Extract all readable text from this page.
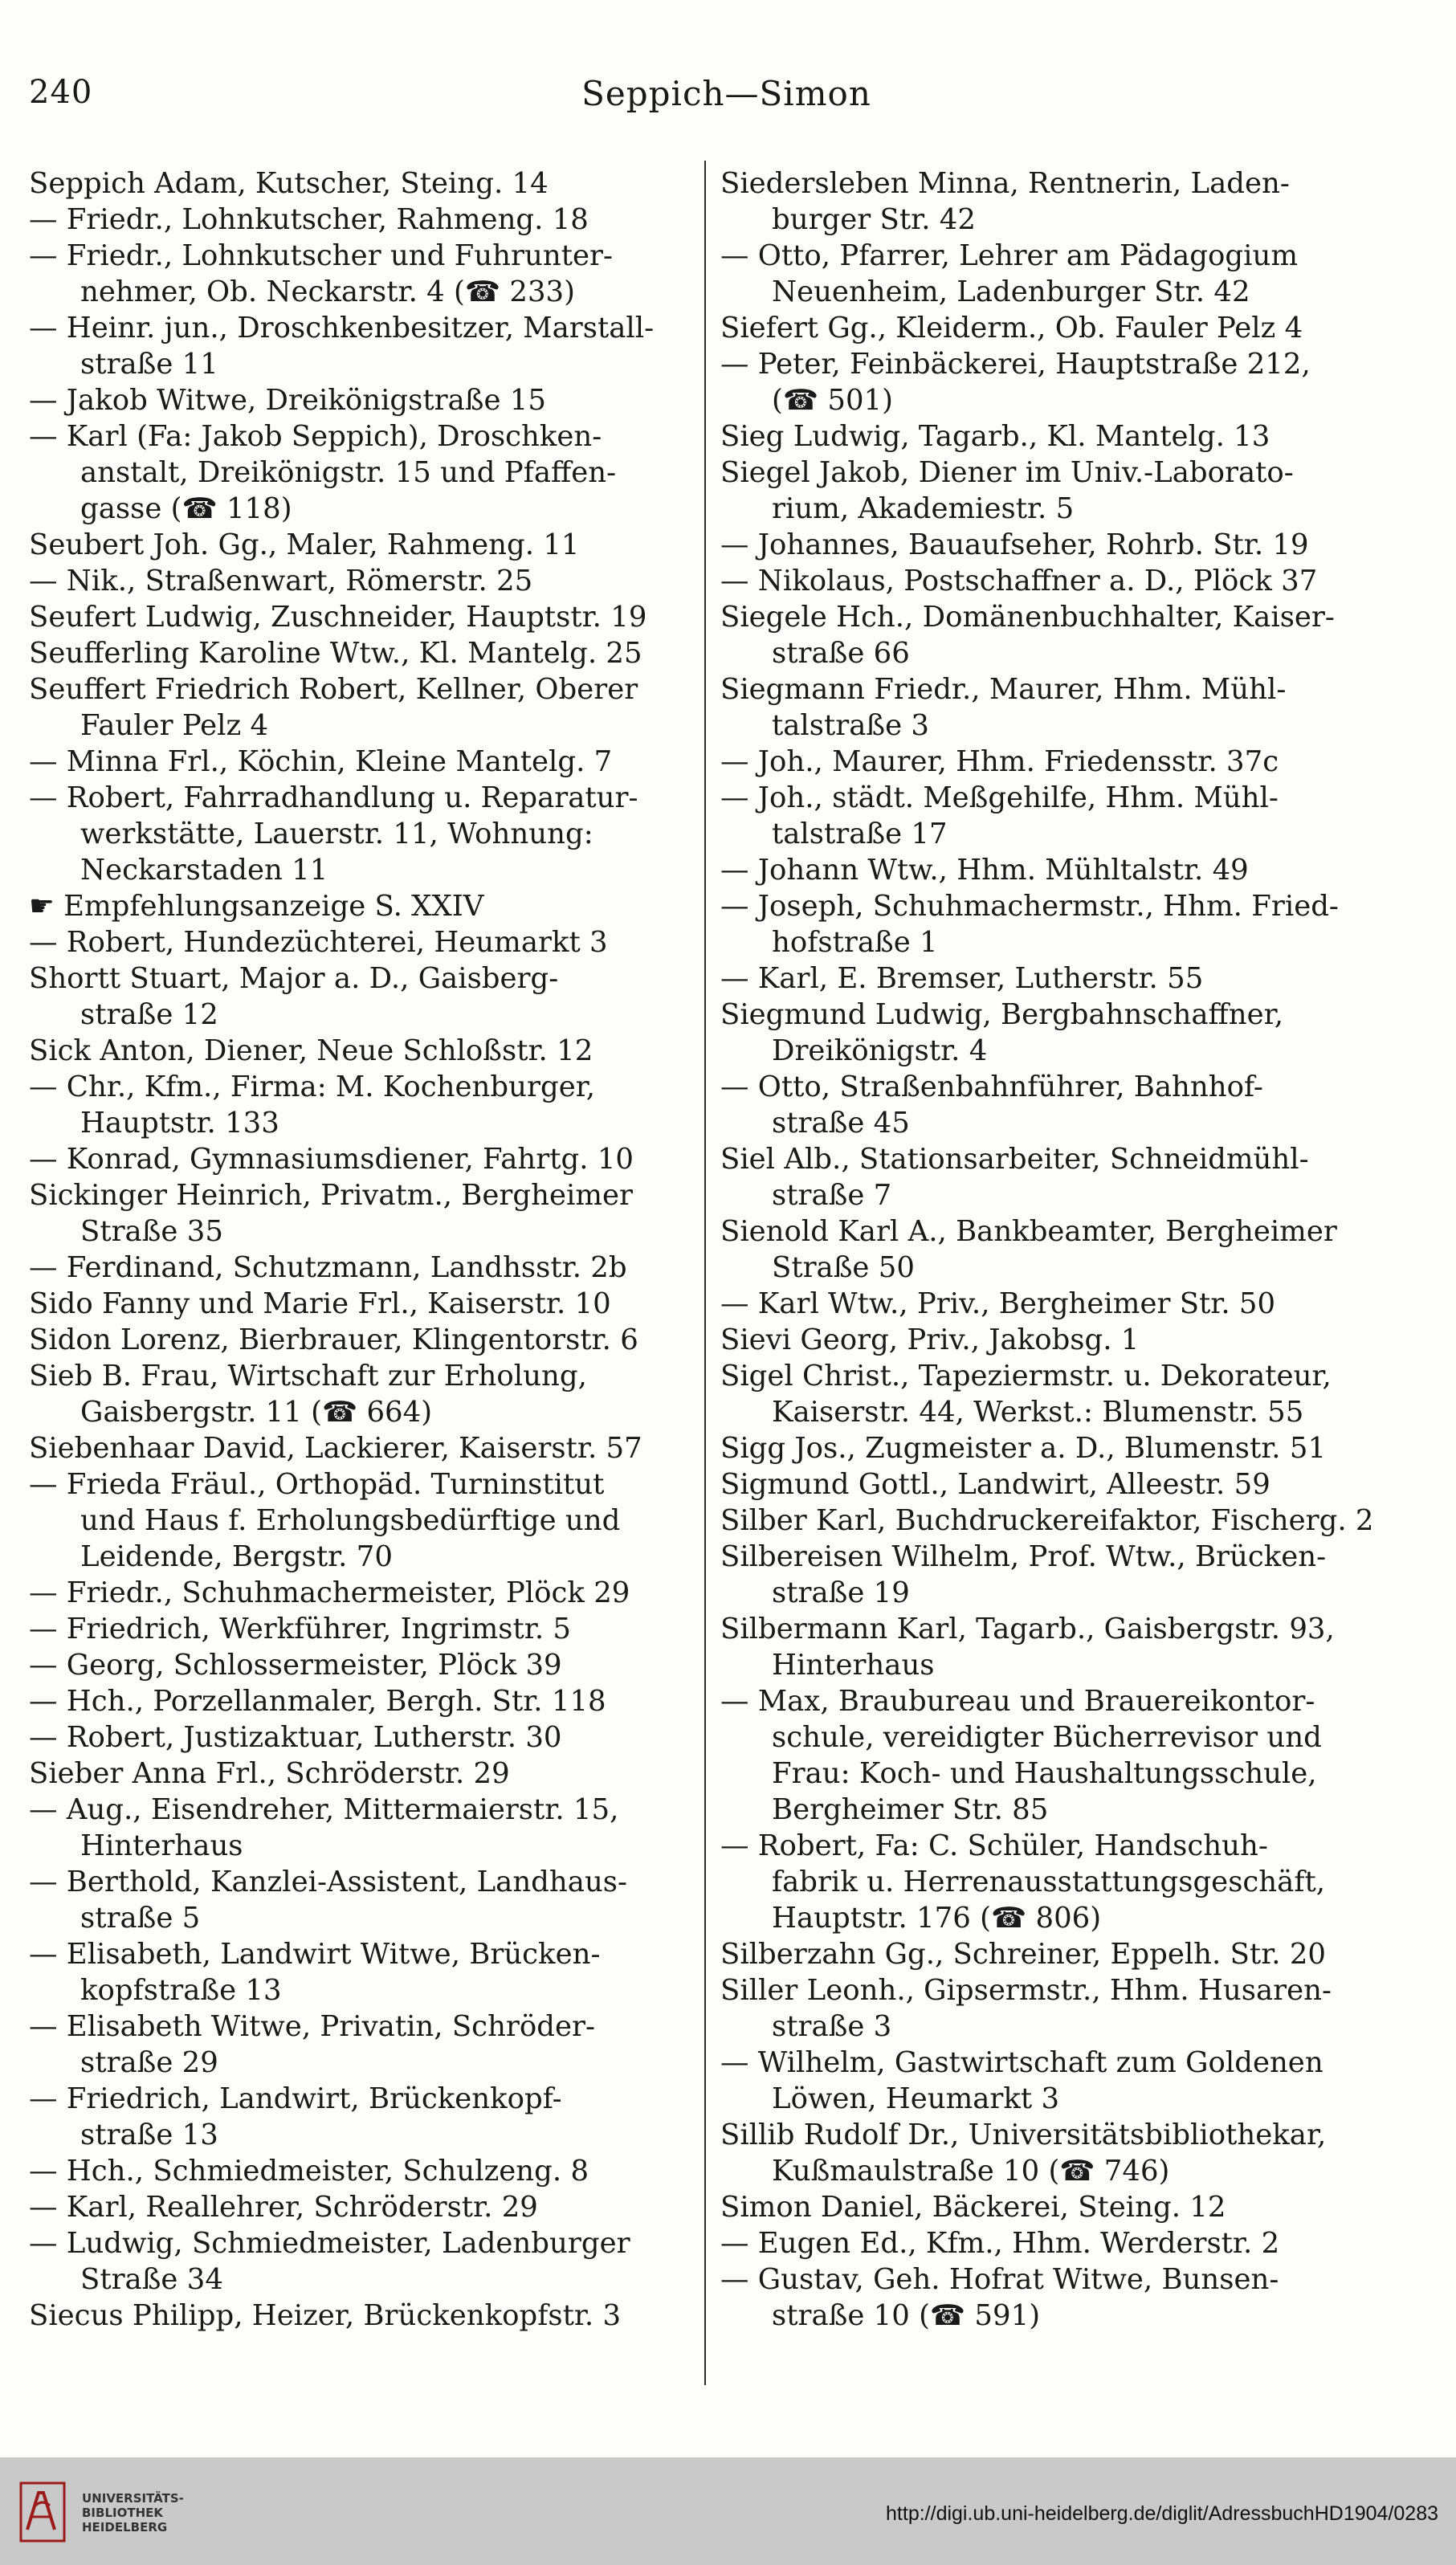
240	Seppich—Simon
Seppich Adam, Kutscher, Steing. 14
— Friedr., Lohnkutscher, Rahmeng. 18
— Friedr., Lohnkutscher und Fuhrunter-
nehmer, Ob. Neckarstr. 4 (☎ 233)
— Heinr. jun., Droschkenbesitzer, Marstall-
straße 11
— Jakob Witwe, Dreikönigstraße 15
— Karl (Fa: Jakob Seppich), Droschken-
anstalt, Dreikönigstr. 15 und Pfaffen-
gasse (☎ 118)
Seubert Joh. Gg., Maler, Rahmeng. 11
— Nik., Straßenwart, Römerstr. 25
Seufert Ludwig, Zuschneider, Hauptstr. 19
Seufferling Karoline Wtw., Kl. Mantelg. 25
Seuffert Friedrich Robert, Kellner, Oberer
Fauler Pelz 4
— Minna Frl., Köchin, Kleine Mantelg. 7
— Robert, Fahrradhandlung u. Reparatur-
werkstätte, Lauerstr. 11, Wohnung:
Neckarstaden 11
☛ Empfehlungsanzeige S. XXIV
— Robert, Hundezüchterei, Heumarkt 3
Shortt Stuart, Major a. D., Gaisberg-
straße 12
Sick Anton, Diener, Neue Schloßstr. 12
— Chr., Kfm., Firma: M. Kochenburger,
Hauptstr. 133
— Konrad, Gymnasiumsdiener, Fahrtg. 10
Sickinger Heinrich, Privatm., Bergheimer
Straße 35
— Ferdinand, Schutzmann, Landhsstr. 2b
Sido Fanny und Marie Frl., Kaiserstr. 10
Sidon Lorenz, Bierbrauer, Klingentorstr. 6
Sieb B. Frau, Wirtschaft zur Erholung,
Gaisbergstr. 11 (☎ 664)
Siebenhaar David, Lackierer, Kaiserstr. 57
— Frieda Fräul., Orthopäd. Turninstitut
und Haus f. Erholungsbedürftige und
Leidende, Bergstr. 70
— Friedr., Schuhmachermeister, Plöck 29
— Friedrich, Werkführer, Ingrimstr. 5
— Georg, Schlossermeister, Plöck 39
— Hch., Porzellanmaler, Bergh. Str. 118
— Robert, Justizaktuar, Lutherstr. 30
Sieber Anna Frl., Schröderstr. 29
— Aug., Eisendreher, Mittermaierstr. 15,
Hinterhaus
— Berthold, Kanzlei-Assistent, Landhaus-
straße 5
— Elisabeth, Landwirt Witwe, Brücken-
kopfstraße 13
— Elisabeth Witwe, Privatin, Schröder-
straße 29
— Friedrich, Landwirt, Brückenkopf-
straße 13
— Hch., Schmiedmeister, Schulzeng. 8
— Karl, Reallehrer, Schröderstr. 29
— Ludwig, Schmiedmeister, Ladenburger
Straße 34
Siecus Philipp, Heizer, Brückenkopfstr. 3
Siedersleben Minna, Rentnerin, Laden-
burger Str. 42
— Otto, Pfarrer, Lehrer am Pädagogium
Neuenheim, Ladenburger Str. 42
Siefert Gg., Kleiderm., Ob. Fauler Pelz 4
— Peter, Feinbäckerei, Hauptstraße 212,
(☎ 501)
Sieg Ludwig, Tagarb., Kl. Mantelg. 13
Siegel Jakob, Diener im Univ.-Laborato-
rium, Akademiestr. 5
— Johannes, Bauaufseher, Rohrb. Str. 19
— Nikolaus, Postschaffner a. D., Plöck 37
Siegele Hch., Domänenbuchhalter, Kaiser-
straße 66
Siegmann Friedr., Maurer, Hhm. Mühl-
talstraße 3
— Joh., Maurer, Hhm. Friedensstr. 37c
— Joh., städt. Meßgehilfe, Hhm. Mühl-
talstraße 17
— Johann Wtw., Hhm. Mühltalstr. 49
— Joseph, Schuhmachermstr., Hhm. Fried-
hofstraße 1
— Karl, E. Bremser, Lutherstr. 55
Siegmund Ludwig, Bergbahnschaffner,
Dreikönigstr. 4
— Otto, Straßenbahnführer, Bahnhof-
straße 45
Siel Alb., Stationsarbeiter, Schneidmühl-
straße 7
Sienold Karl A., Bankbeamter, Bergheimer
Straße 50
— Karl Wtw., Priv., Bergheimer Str. 50
Sievi Georg, Priv., Jakobsg. 1
Sigel Christ., Tapeziermstr. u. Dekorateur,
Kaiserstr. 44, Werkst.: Blumenstr. 55
Sigg Jos., Zugmeister a. D., Blumenstr. 51
Sigmund Gottl., Landwirt, Alleestr. 59
Silber Karl, Buchdruckereifaktor, Fischerg. 2
Silbereisen Wilhelm, Prof. Wtw., Brücken-
straße 19
Silbermann Karl, Tagarb., Gaisbergstr. 93,
Hinterhaus
— Max, Braubureau und Brauereikontor-
schule, vereidigter Bücherrevisor und
Frau: Koch- und Haushaltungsschule,
Bergheimer Str. 85
— Robert, Fa: C. Schüler, Handschuh-
fabrik u. Herrenausstattungsgeschäft,
Hauptstr. 176 (☎ 806)
Silberzahn Gg., Schreiner, Eppelh. Str. 20
Siller Leonh., Gipsermstr., Hhm. Husaren-
straße 3
— Wilhelm, Gastwirtschaft zum Goldenen
Löwen, Heumarkt 3
Sillib Rudolf Dr., Universitätsbibliothekar,
Kußmaulstraße 10 (☎ 746)
Simon Daniel, Bäckerei, Steing. 12
— Eugen Ed., Kfm., Hhm. Werderstr. 2
— Gustav, Geh. Hofrat Witwe, Bunsen-
straße 10 (☎ 591)
UNIVERSITÄTS-
BIBLIOTHEK
HEIDELBERG
http://digi.ub.uni-heidelberg.de/diglit/AdressbuchHD1904/0283
